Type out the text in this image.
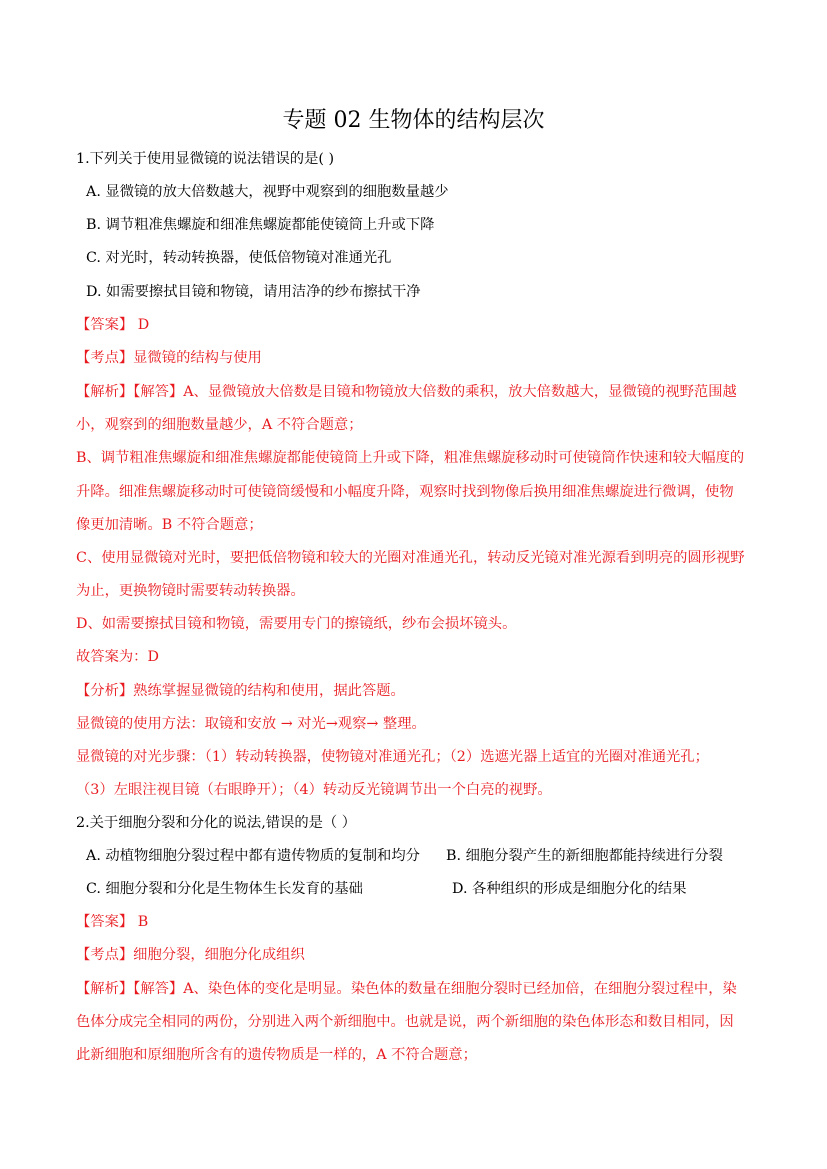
专题 02 生物体的结构层次
1.下列关于使用显微镜的说法错误的是( )
A. 显微镜的放大倍数越大，视野中观察到的细胞数量越少
B. 调节粗准焦螺旋和细准焦螺旋都能使镜筒上升或下降
C. 对光时，转动转换器，使低倍物镜对准通光孔
D. 如需要擦拭目镜和物镜，请用洁净的纱布擦拭干净
【答案】 D
【考点】显微镜的结构与使用
【解析】【解答】A、显微镜放大倍数是目镜和物镜放大倍数的乘积，放大倍数越大，显微镜的视野范围越
小，观察到的细胞数量越少，A 不符合题意；
B、调节粗准焦螺旋和细准焦螺旋都能使镜筒上升或下降，粗准焦螺旋移动时可使镜筒作快速和较大幅度的
升降。细准焦螺旋移动时可使镜筒缓慢和小幅度升降，观察时找到物像后换用细准焦螺旋进行微调，使物
像更加清晰。B 不符合题意；
C、使用显微镜对光时，要把低倍物镜和较大的光圈对准通光孔，转动反光镜对准光源看到明亮的圆形视野
为止，更换物镜时需要转动转换器。
D、如需要擦拭目镜和物镜，需要用专门的擦镜纸，纱布会损坏镜头。
故答案为：D
【分析】熟练掌握显微镜的结构和使用，据此答题。
显微镜的使用方法：取镜和安放 → 对光→观察→ 整理。
显微镜的对光步骤：（1）转动转换器，使物镜对准通光孔；（2）选遮光器上适宜的光圈对准通光孔；
（3）左眼注视目镜（右眼睁开）；（4）转动反光镜调节出一个白亮的视野。
2.关于细胞分裂和分化的说法,错误的是（ ）
A. 动植物细胞分裂过程中都有遗传物质的复制和均分 B. 细胞分裂产生的新细胞都能持续进行分裂
C. 细胞分裂和分化是生物体生长发育的基础	D. 各种组织的形成是细胞分化的结果
【答案】 B
【考点】细胞分裂，细胞分化成组织
【解析】【解答】A、染色体的变化是明显。染色体的数量在细胞分裂时已经加倍，在细胞分裂过程中，染
色体分成完全相同的两份，分别进入两个新细胞中。也就是说，两个新细胞的染色体形态和数目相同，因
此新细胞和原细胞所含有的遗传物质是一样的，A 不符合题意；
